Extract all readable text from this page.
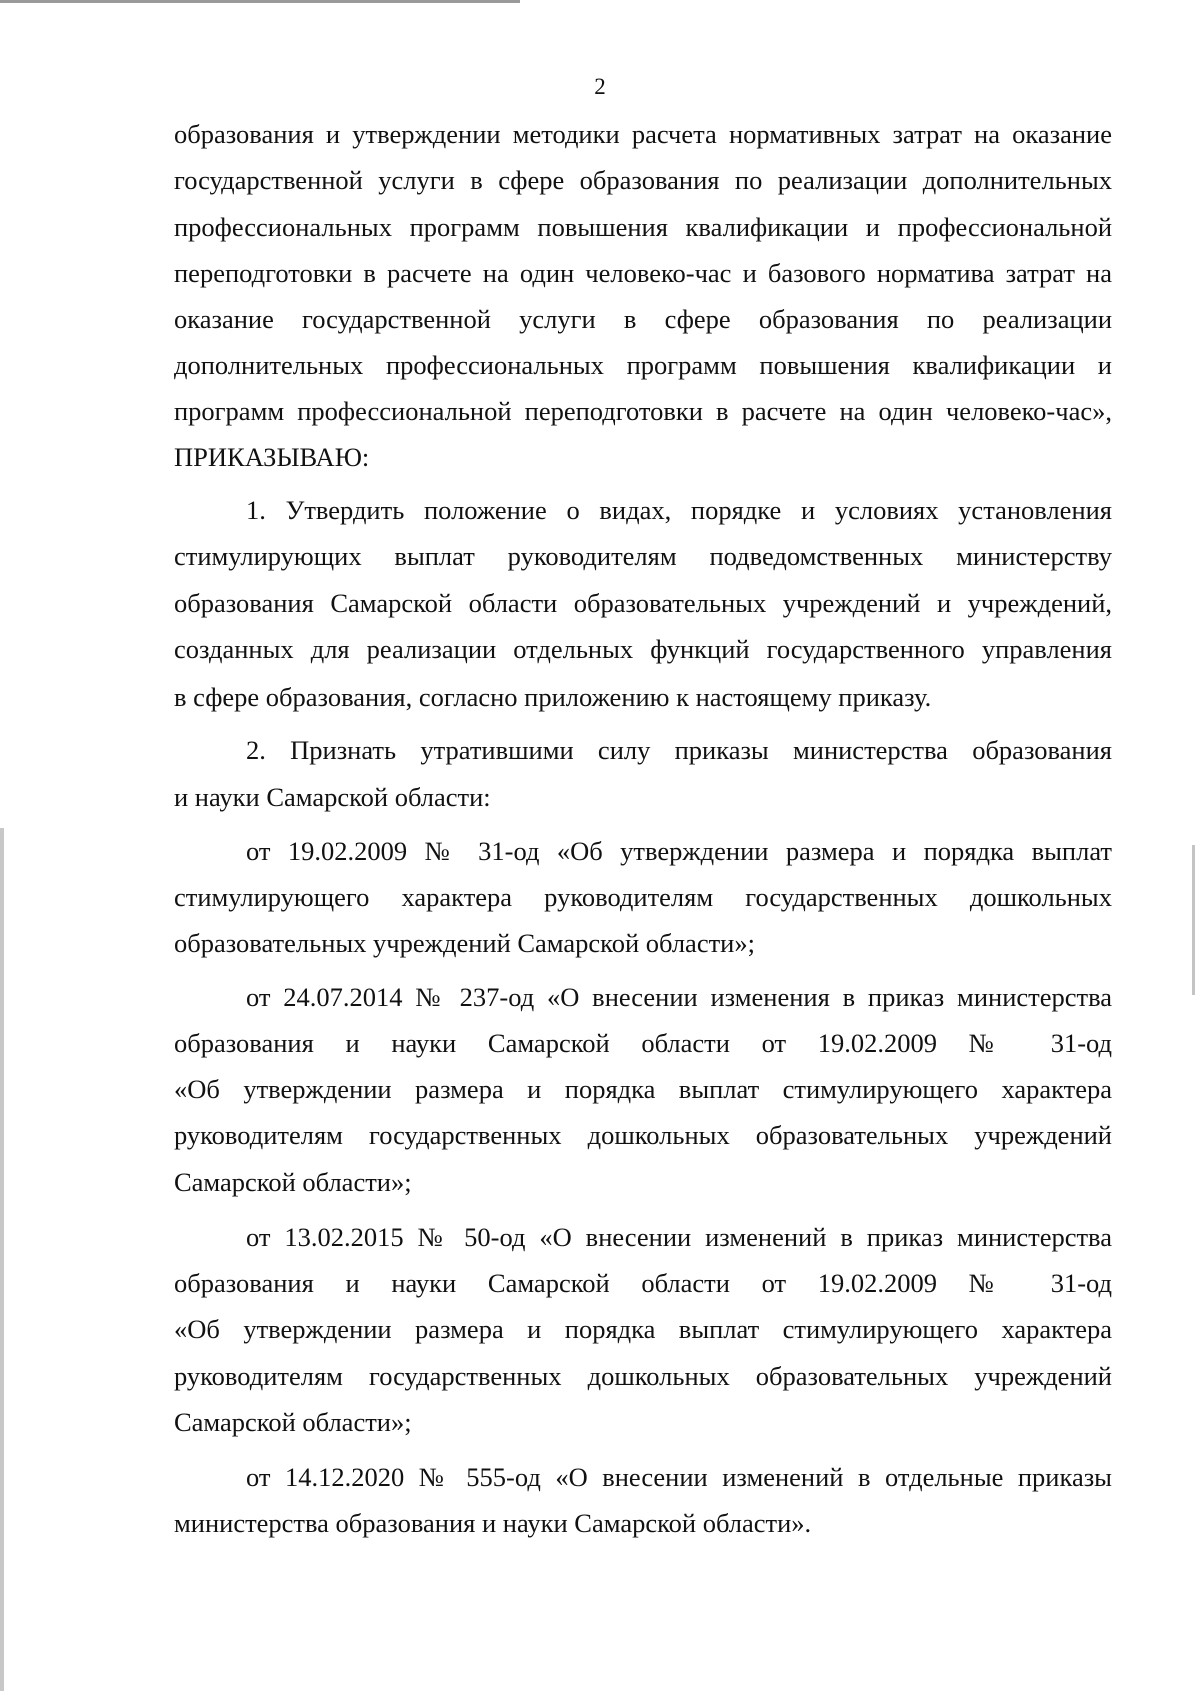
2
образования и утверждении методики расчета нормативных затрат на оказание
государственной услуги в сфере образования по реализации дополнительных
профессиональных программ повышения квалификации и профессиональной
переподготовки в расчете на один человеко-час и базового норматива затрат на
оказание государственной услуги в сфере образования по реализации
дополнительных профессиональных программ повышения квалификации и
программ профессиональной переподготовки в расчете на один человеко-час»,
ПРИКАЗЫВАЮ:
1. Утвердить положение о видах, порядке и условиях установления
стимулирующих выплат руководителям подведомственных министерству
образования Самарской области образовательных учреждений и учреждений,
созданных для реализации отдельных функций государственного управления
в сфере образования, согласно приложению к настоящему приказу.
2. Признать утратившими силу приказы министерства образования
и науки Самарской области:
от 19.02.2009 № 31-од «Об утверждении размера и порядка выплат
стимулирующего характера руководителям государственных дошкольных
образовательных учреждений Самарской области»;
от 24.07.2014 № 237-од «О внесении изменения в приказ министерства
образования и науки Самарской области от 19.02.2009 № 31-од
«Об утверждении размера и порядка выплат стимулирующего характера
руководителям государственных дошкольных образовательных учреждений
Самарской области»;
от 13.02.2015 № 50-од «О внесении изменений в приказ министерства
образования и науки Самарской области от 19.02.2009 № 31-од
«Об утверждении размера и порядка выплат стимулирующего характера
руководителям государственных дошкольных образовательных учреждений
Самарской области»;
от 14.12.2020 № 555-од «О внесении изменений в отдельные приказы
министерства образования и науки Самарской области».
